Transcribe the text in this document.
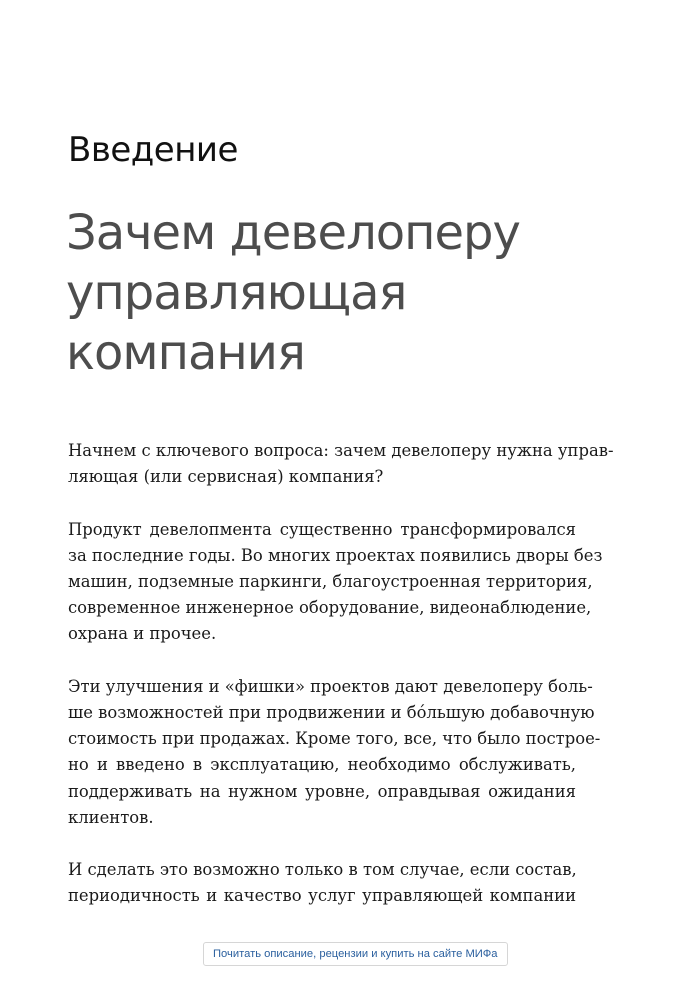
Введение
Зачем девелоперу
управляющая
компания

Начнем с ключевого вопроса: зачем девелоперу нужна управ-
ляющая (или сервисная) компания?

Продукт девелопмента существенно трансформировался
за последние годы. Во многих проектах появились дворы без
машин, подземные паркинги, благоустроенная территория,
современное инженерное оборудование, видеонаблюдение,
охрана и прочее.

Эти улучшения и «фишки» проектов дают девелоперу боль-
ше возможностей при продвижении и бóльшую добавочную
стоимость при продажах. Кроме того, все, что было построе-
но и введено в эксплуатацию, необходимо обслуживать,
поддерживать на нужном уровне, оправдывая ожидания
клиентов.

И сделать это возможно только в том случае, если состав,
периодичность и качество услуг управляющей компании

Почитать описание, рецензии и купить на сайте МИФа
